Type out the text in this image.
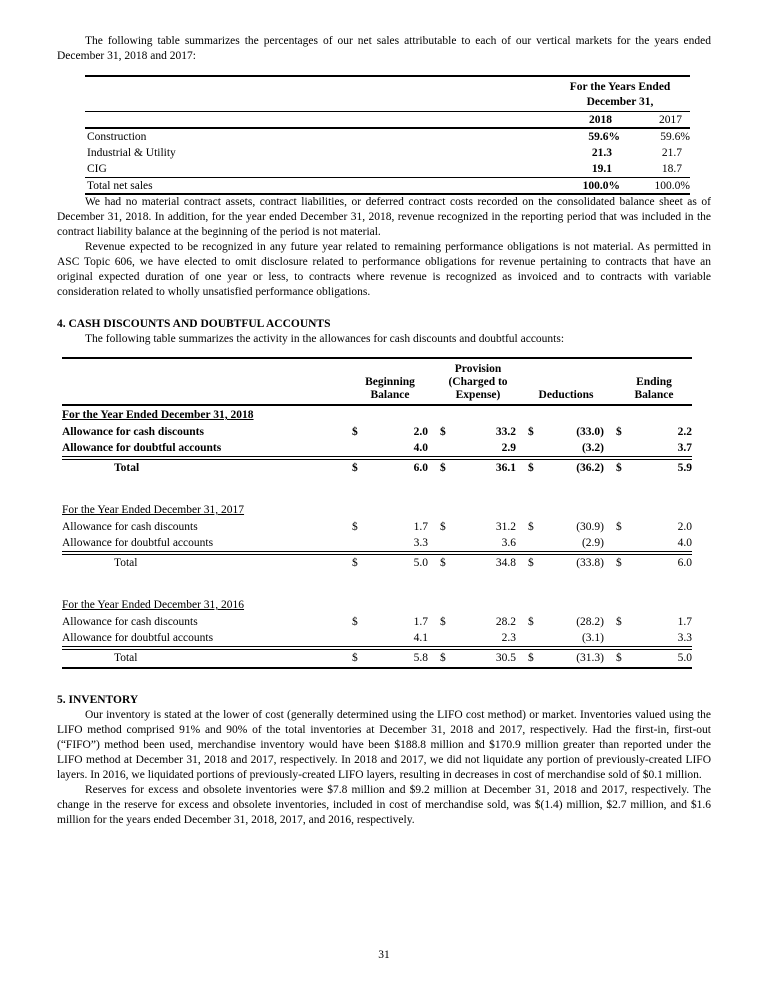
The following table summarizes the percentages of our net sales attributable to each of our vertical markets for the years ended December 31, 2018 and 2017:

For the Years Ended December 31,
2018	2017
Construction	59.6%	59.6%
Industrial & Utility	21.3	21.7
CIG	19.1	18.7
Total net sales	100.0%	100.0%

We had no material contract assets, contract liabilities, or deferred contract costs recorded on the consolidated balance sheet as of December 31, 2018. In addition, for the year ended December 31, 2018, revenue recognized in the reporting period that was included in the contract liability balance at the beginning of the period is not material.

Revenue expected to be recognized in any future year related to remaining performance obligations is not material. As permitted in ASC Topic 606, we have elected to omit disclosure related to performance obligations for revenue pertaining to contracts that have an original expected duration of one year or less, to contracts where revenue is recognized as invoiced and to contracts with variable consideration related to wholly unsatisfied performance obligations.

4. CASH DISCOUNTS AND DOUBTFUL ACCOUNTS

The following table summarizes the activity in the allowances for cash discounts and doubtful accounts:

Beginning Balance
Provision (Charged to Expense)	Deductions
Ending Balance
For the Year Ended December 31, 2018
Allowance for cash discounts	$	2.0 $	33.2 $	(33.0) $	2.2
Allowance for doubtful accounts	4.0	2.9	(3.2)	3.7
Total	$	6.0 $	36.1 $	(36.2) $	5.9
For the Year Ended December 31, 2017
Allowance for cash discounts	$	1.7 $	31.2 $	(30.9) $	2.0
Allowance for doubtful accounts	3.3	3.6	(2.9)	4.0
Total	$	5.0 $	34.8 $	(33.8) $	6.0
For the Year Ended December 31, 2016
Allowance for cash discounts	$	1.7 $	28.2 $	(28.2) $	1.7
Allowance for doubtful accounts	4.1	2.3	(3.1)	3.3
Total	$	5.8 $	30.5 $	(31.3) $	5.0

5. INVENTORY

Our inventory is stated at the lower of cost (generally determined using the LIFO cost method) or market. Inventories valued using the LIFO method comprised 91% and 90% of the total inventories at December 31, 2018 and 2017, respectively. Had the first-in, first-out (“FIFO”) method been used, merchandise inventory would have been $188.8 million and $170.9 million greater than reported under the LIFO method at December 31, 2018 and 2017, respectively. In 2018 and 2017, we did not liquidate any portion of previously-created LIFO layers. In 2016, we liquidated portions of previously-created LIFO layers, resulting in decreases in cost of merchandise sold of $0.1 million.

Reserves for excess and obsolete inventories were $7.8 million and $9.2 million at December 31, 2018 and 2017, respectively. The change in the reserve for excess and obsolete inventories, included in cost of merchandise sold, was $(1.4) million, $2.7 million, and $1.6 million for the years ended December 31, 2018, 2017, and 2016, respectively.

31
